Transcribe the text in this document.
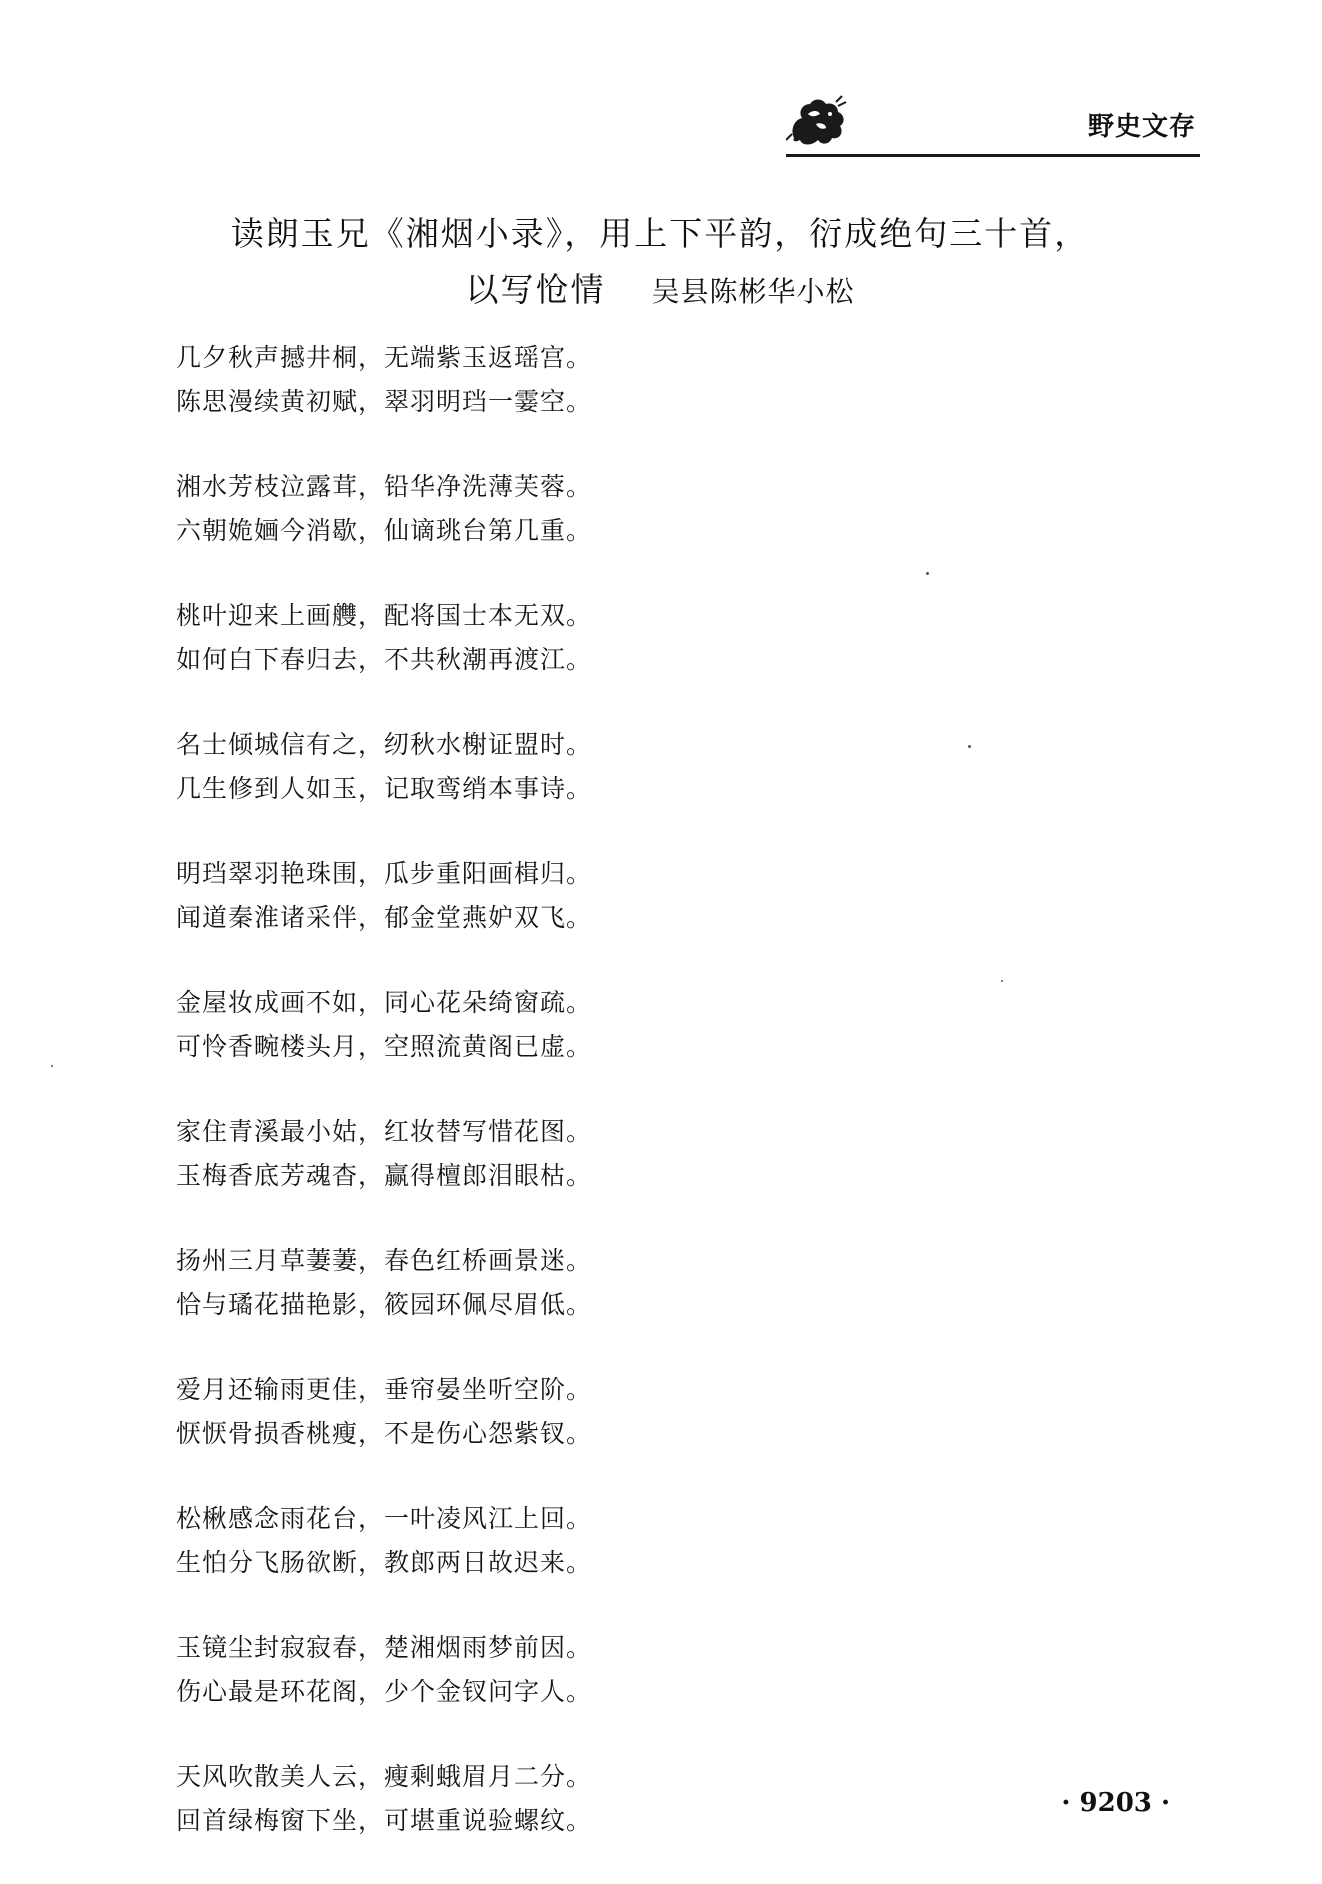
野史文存
读朗玉兄《湘烟小录》，用上下平韵，衍成绝句三十首，
以写怆情 吴县陈彬华小松
几夕秋声撼井桐，无端紫玉返瑶宫。
陈思漫续黄初赋，翠羽明珰一霎空。
湘水芳枝泣露茸，铅华净洗薄芙蓉。
六朝姽婳今消歇，仙谪珧台第几重。
桃叶迎来上画艭，配将国士本无双。
如何白下春归去，不共秋潮再渡江。
名士倾城信有之，纫秋水榭证盟时。
几生修到人如玉，记取鸾绡本事诗。
明珰翠羽艳珠围，瓜步重阳画楫归。
闻道秦淮诸采伴，郁金堂燕妒双飞。
金屋妆成画不如，同心花朵绮窗疏。
可怜香畹楼头月，空照流黄阁已虚。
家住青溪最小姑，红妆替写惜花图。
玉梅香底芳魂杳，赢得檀郎泪眼枯。
扬州三月草萋萋，春色红桥画景迷。
恰与璚花描艳影，筱园环佩尽眉低。
爱月还输雨更佳，垂帘晏坐听空阶。
恹恹骨损香桃瘦，不是伤心怨紫钗。
松楸感念雨花台，一叶凌风江上回。
生怕分飞肠欲断，教郎两日故迟来。
玉镜尘封寂寂春，楚湘烟雨梦前因。
伤心最是环花阁，少个金钗问字人。
天风吹散美人云，瘦剩蛾眉月二分。
回首绿梅窗下坐，可堪重说验螺纹。
· 9203 ·
